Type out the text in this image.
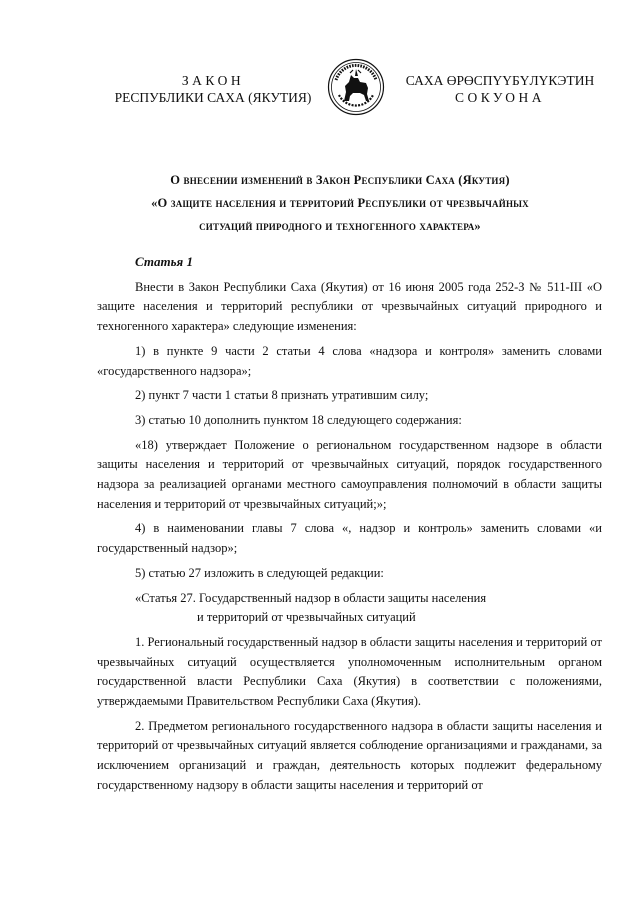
ЗАКОН
РЕСПУБЛИКИ САХА (ЯКУТИЯ)
САХА ӨРӨСПҮҮБҮЛҮКЭТИН
СОКУОНА
О внесении изменений в Закон Республики Саха (Якутия)
«О защите населения и территорий Республики от чрезвычайных
ситуаций природного и техногенного характера»

Статья 1

Внести в Закон Республики Саха (Якутия) от 16 июня 2005 года 252-З № 511-III «О защите населения и территорий республики от чрезвычайных ситуаций природного и техногенного характера» следующие изменения:

1) в пункте 9 части 2 статьи 4 слова «надзора и контроля» заменить словами «государственного надзора»;

2) пункт 7 части 1 статьи 8 признать утратившим силу;

3) статью 10 дополнить пунктом 18 следующего содержания:

«18) утверждает Положение о региональном государственном надзоре в области защиты населения и территорий от чрезвычайных ситуаций, порядок государственного надзора за реализацией органами местного самоуправления полномочий в области защиты населения и территорий от чрезвычайных ситуаций;»;

4) в наименовании главы 7 слова «, надзор и контроль» заменить словами «и государственный надзор»;

5) статью 27 изложить в следующей редакции:

«Статья 27. Государственный надзор в области защиты населения

и территорий от чрезвычайных ситуаций

1. Региональный государственный надзор в области защиты населения и территорий от чрезвычайных ситуаций осуществляется уполномоченным исполнительным органом государственной власти Республики Саха (Якутия) в соответствии с положениями, утверждаемыми Правительством Республики Саха (Якутия).

2. Предметом регионального государственного надзора в области защиты населения и территорий от чрезвычайных ситуаций является соблюдение организациями и гражданами, за исключением организаций и граждан, деятельность которых подлежит федеральному государственному надзору в области защиты населения и территорий от
